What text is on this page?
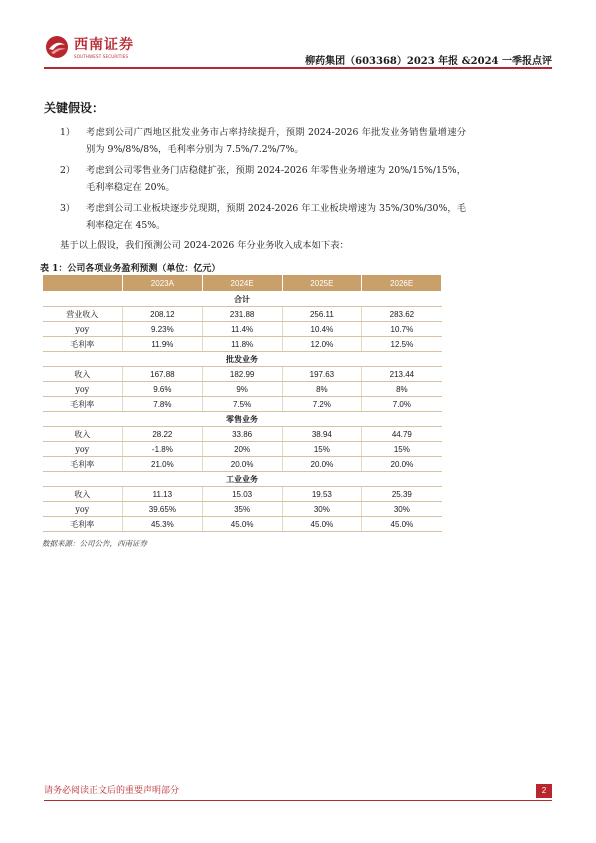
西南证券
SOUTHWEST SECURITIES	柳药集团（603368）2023 年报 &2024 一季报点评
关键假设：
1） 考虑到公司广西地区批发业务市占率持续提升，预期 2024-2026 年批发业务销售量增速分别为 9%/8%/8%，毛利率分别为 7.5%/7.2%/7%。
2） 考虑到公司零售业务门店稳健扩张，预期 2024-2026 年零售业务增速为 20%/15%/15%，毛利率稳定在 20%。
3） 考虑到公司工业板块逐步兑现期，预期 2024-2026 年工业板块增速为 35%/30%/30%，毛利率稳定在 45%。
基于以上假设，我们预测公司 2024-2026 年分业务收入成本如下表：
表 1：公司各项业务盈利预测（单位：亿元）
	2023A	2024E	2025E	2026E
合计				
营业收入	208.12	231.88	256.11	283.62
yoy	9.23%	11.4%	10.4%	10.7%
毛利率	11.9%	11.8%	12.0%	12.5%
批发业务				
收入	167.88	182.99	197.63	213.44
yoy	9.6%	9%	8%	8%
毛利率	7.8%	7.5%	7.2%	7.0%
零售业务				
收入	28.22	33.86	38.94	44.79
yoy	-1.8%	20%	15%	15%
毛利率	21.0%	20.0%	20.0%	20.0%
工业业务				
收入	11.13	15.03	19.53	25.39
yoy	39.65%	35%	30%	30%
毛利率	45.3%	45.0%	45.0%	45.0%
数据来源：公司公告，西南证券
请务必阅读正文后的重要声明部分	2
